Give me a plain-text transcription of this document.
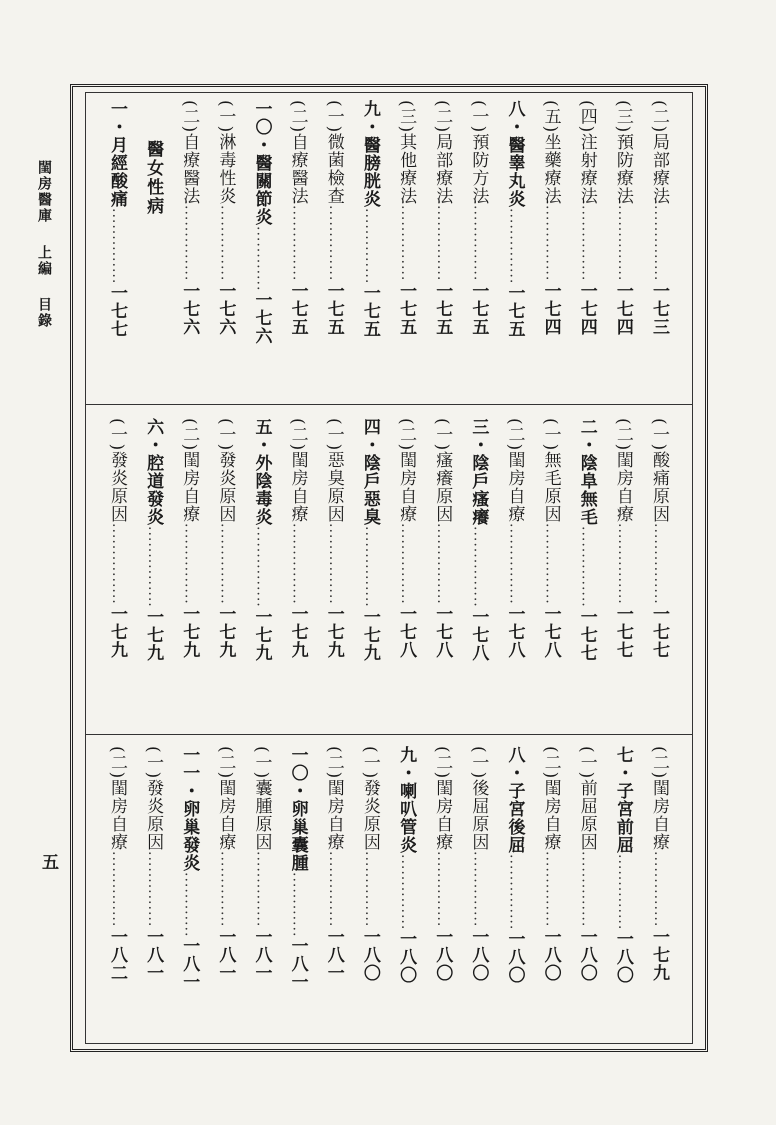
閨房醫庫   上編   目錄
五
(二)局部療法..............一七三
(三)預防療法..............一七四
(四)注射療法..............一七四
(五)坐藥療法..............一七四
八・醫睾丸炎..............一七五
(一)預防方法..............一七五
(二)局部療法..............一七五
(三)其他療法..............一七五
九・醫膀胱炎..............一七五
(一)微菌檢查..............一七五
(二)自療醫法..............一七五
一〇・醫關節炎............一七六
(一)淋毒性炎..............一七六
(二)自療醫法..............一七六
醫女性病
一・月經酸痛..............一七七
(一)酸痛原因...............一七七
(二)閨房自療...............一七七
二・陰阜無毛...............一七七
(一)無毛原因...............一七八
(二)閨房自療...............一七八
三・陰戶瘙癢...............一七八
(一)瘙癢原因...............一七八
(二)閨房自療...............一七八
四・陰戶惡臭...............一七九
(一)惡臭原因...............一七九
(二)閨房自療...............一七九
五・外陰毒炎...............一七九
(一)發炎原因...............一七九
(二)閨房自療...............一七九
六・腔道發炎...............一七九
(一)發炎原因...............一七九
(二)閨房自療..............一七九
七・子宮前屈..............一八〇
(一)前屈原因..............一八〇
(二)閨房自療..............一八〇
八・子宮後屈..............一八〇
(一)後屈原因..............一八〇
(二)閨房自療..............一八〇
九・喇叭管炎..............一八〇
(一)發炎原因..............一八〇
(二)閨房自療..............一八一
一〇・卵巢囊腫............一八一
(一)囊腫原因..............一八一
(二)閨房自療..............一八一
一一・卵巢發炎............一八一
(一)發炎原因..............一八一
(二)閨房自療..............一八二
